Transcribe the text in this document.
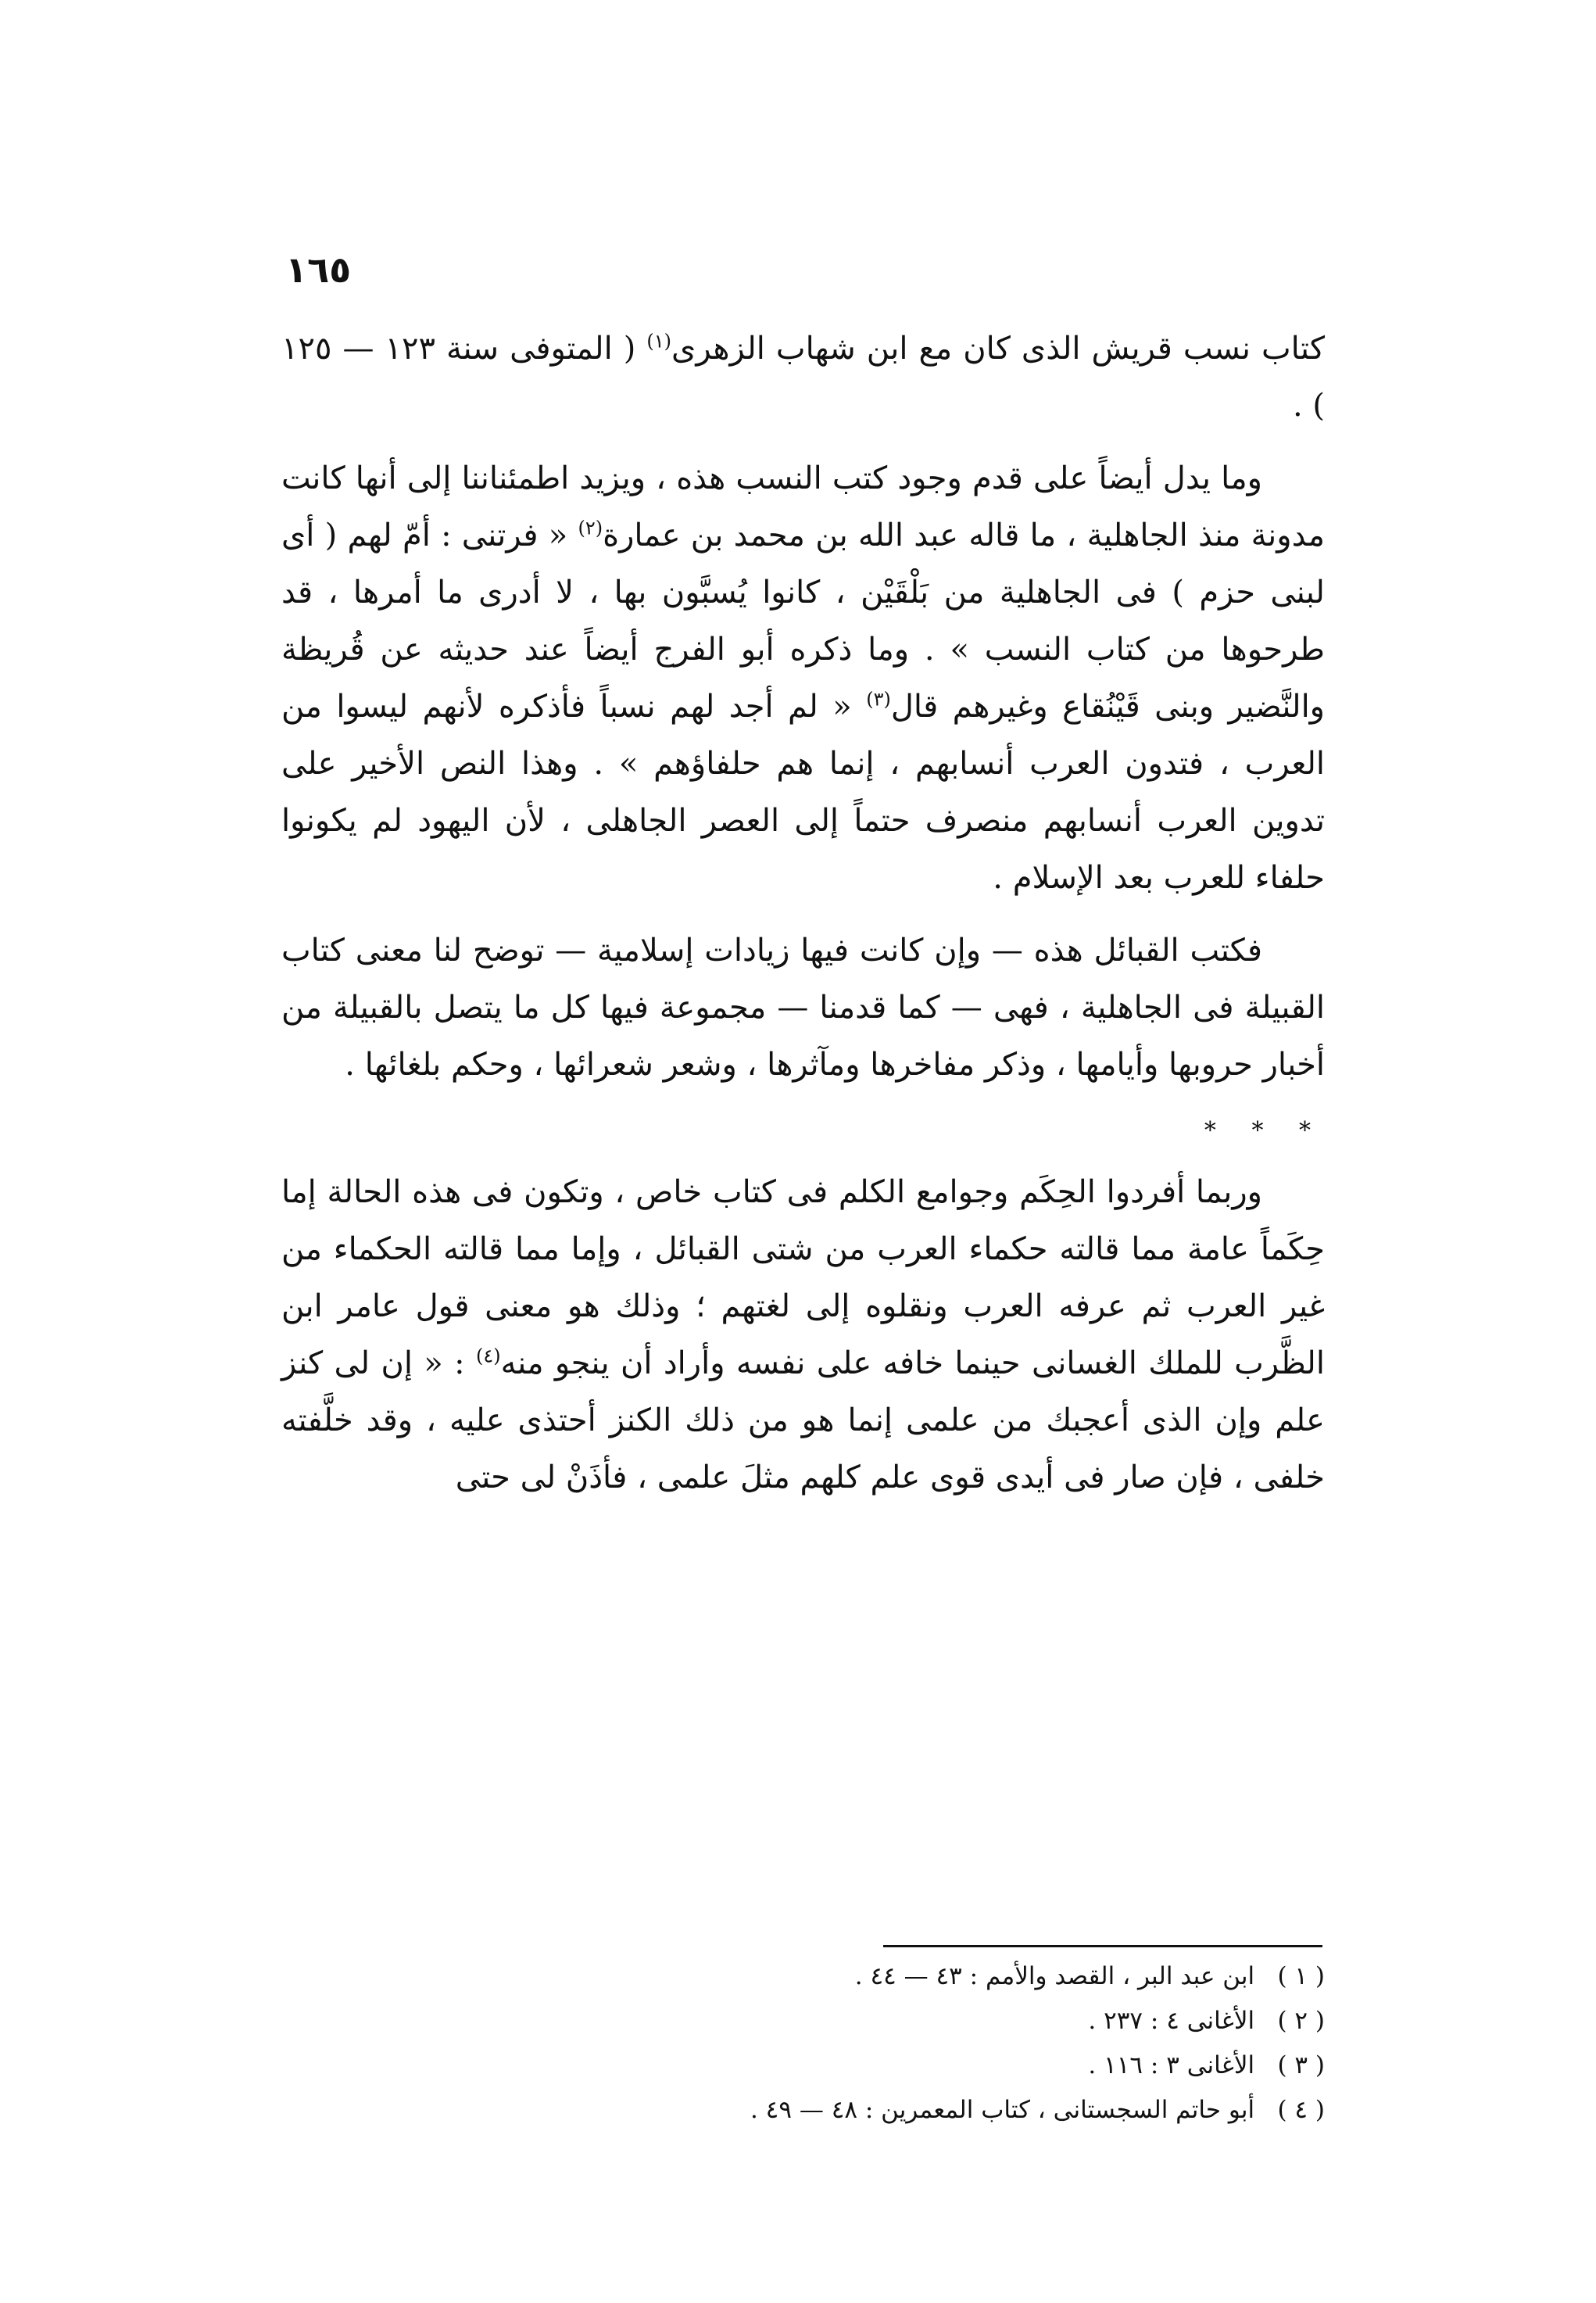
١٦٥

كتاب نسب قريش الذى كان مع ابن شهاب الزهرى$^{(١)}$ ( المتوفى سنة ١٢٣ — ١٢٥ ) .

وما يدل أيضاً على قدم وجود كتب النسب هذه ، ويزيد اطمئناننا إلى أنها كانت مدونة منذ الجاهلية ، ما قاله عبد الله بن محمد بن عمارة$^{(٢)}$ « فرتنى : أمّ لهم ( أى لبنى حزم ) فى الجاهلية من بَلْقَيْن ، كانوا يُسبَّون بها ، لا أدرى ما أمرها ، قد طرحوها من كتاب النسب » . وما ذكره أبو الفرج أيضاً عند حديثه عن قُريظة والنَّضير وبنى قَيْنُقاع وغيرهم قال$^{(٣)}$ « لم أجد لهم نسباً فأذكره لأنهم ليسوا من العرب ، فتدون العرب أنسابهم ، إنما هم حلفاؤهم » . وهذا النص الأخير على تدوين العرب أنسابهم منصرف حتماً إلى العصر الجاهلى ، لأن اليهود لم يكونوا حلفاء للعرب بعد الإسلام .

فكتب القبائل هذه — وإن كانت فيها زيادات إسلامية — توضح لنا معنى كتاب القبيلة فى الجاهلية ، فهى — كما قدمنا — مجموعة فيها كل ما يتصل بالقبيلة من أخبار حروبها وأيامها ، وذكر مفاخرها ومآثرها ، وشعر شعرائها ، وحكم بلغائها .

* * *

وربما أفردوا الحِكَم وجوامع الكلم فى كتاب خاص ، وتكون فى هذه الحالة إما حِكَماً عامة مما قالته حكماء العرب من شتى القبائل ، وإما مما قالته الحكماء من غير العرب ثم عرفه العرب ونقلوه إلى لغتهم ؛ وذلك هو معنى قول عامر ابن الظَّرب للملك الغسانى حينما خافه على نفسه وأراد أن ينجو منه$^{(٤)}$ : « إن لى كنز علم وإن الذى أعجبك من علمى إنما هو من ذلك الكنز أحتذى عليه ، وقد خلَّفته خلفى ، فإن صار فى أيدى قوى علم كلهم مثلَ علمى ، فأذَنْ لى حتى

( ١ ) ابن عبد البر ، القصد والأمم : ٤٣ — ٤٤ .
( ٢ ) الأغانى ٤ : ٢٣٧ .
( ٣ ) الأغانى ٣ : ١١٦ .
( ٤ ) أبو حاتم السجستانى ، كتاب المعمرين : ٤٨ — ٤٩ .
